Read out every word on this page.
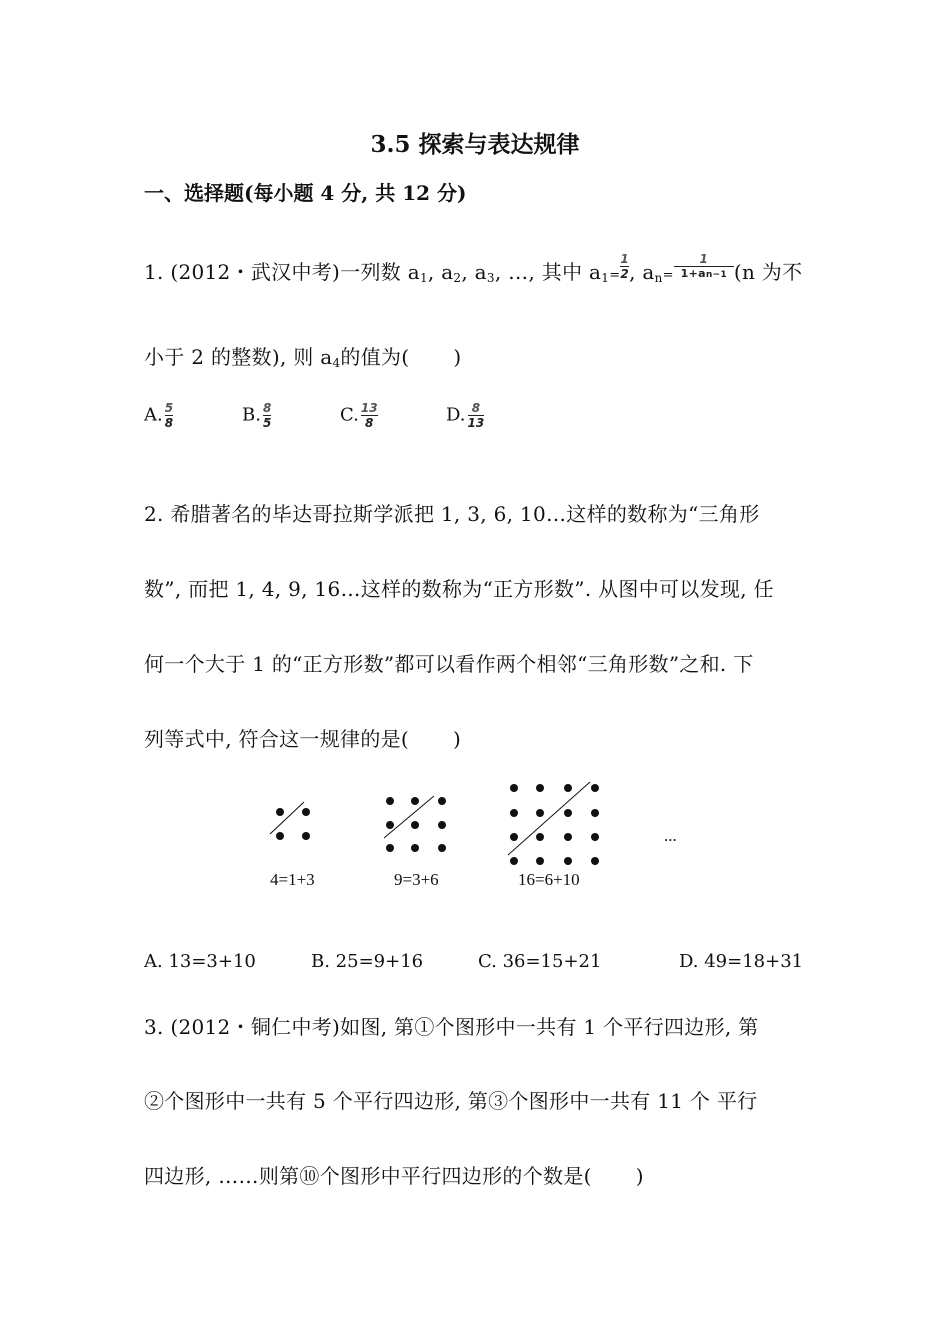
3.5 探索与表达规律
一、选择题(每小题 4 分, 共 12 分)
1. (2012・武汉中考)一列数 $a_1$, $a_2$, $a_3$, …, 其中 $a_1= \frac{1}{2}$ , $a_n= \frac{1}{1+an-1} (n$ 为不
小于 2 的整数), 则 $a_4$的值为( )
A. $\frac{5}{8}$	B. $\frac{8}{5}$	C. $\frac{13}{8}$	D. $\frac{8}{13}$
2. 希腊著名的毕达哥拉斯学派把 1, 3, 6, 10…这样的数称为“三角形
数”, 而把 1, 4, 9, 16…这样的数称为“正方形数”. 从图中可以发现, 任
何一个大于 1 的“正方形数”都可以看作两个相邻“三角形数”之和. 下
列等式中, 符合这一规律的是( )
...
4=1+3	9=3+6	16=6+10
A. 13=3+10	B. 25=9+16	C. 36=15+21	D. 49=18+31
3. (2012・铜仁中考)如图, 第①个图形中一共有 1 个平行四边形, 第
②个图形中一共有 5 个平行四边形, 第③个图形中一共有 11 个 平行
四边形, ……则第⑩个图形中平行四边形的个数是( )
